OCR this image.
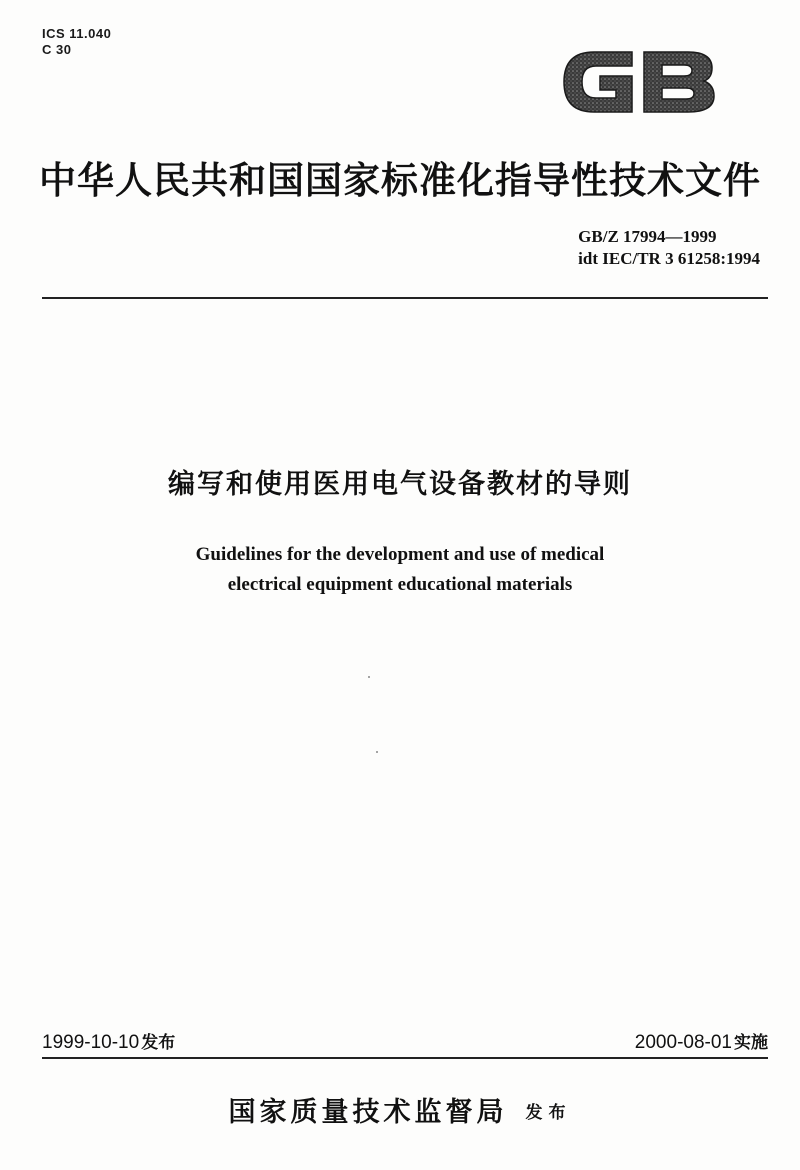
ICS 11.040
C 30
中华人民共和国国家标准化指导性技术文件
GB/Z 17994—1999
idt IEC/TR 3 61258:1994
编写和使用医用电气设备教材的导则
Guidelines for the development and use of medical
electrical equipment educational materials
1999-10-10 发布	2000-08-01 实施
国家质量技术监督局 发布
